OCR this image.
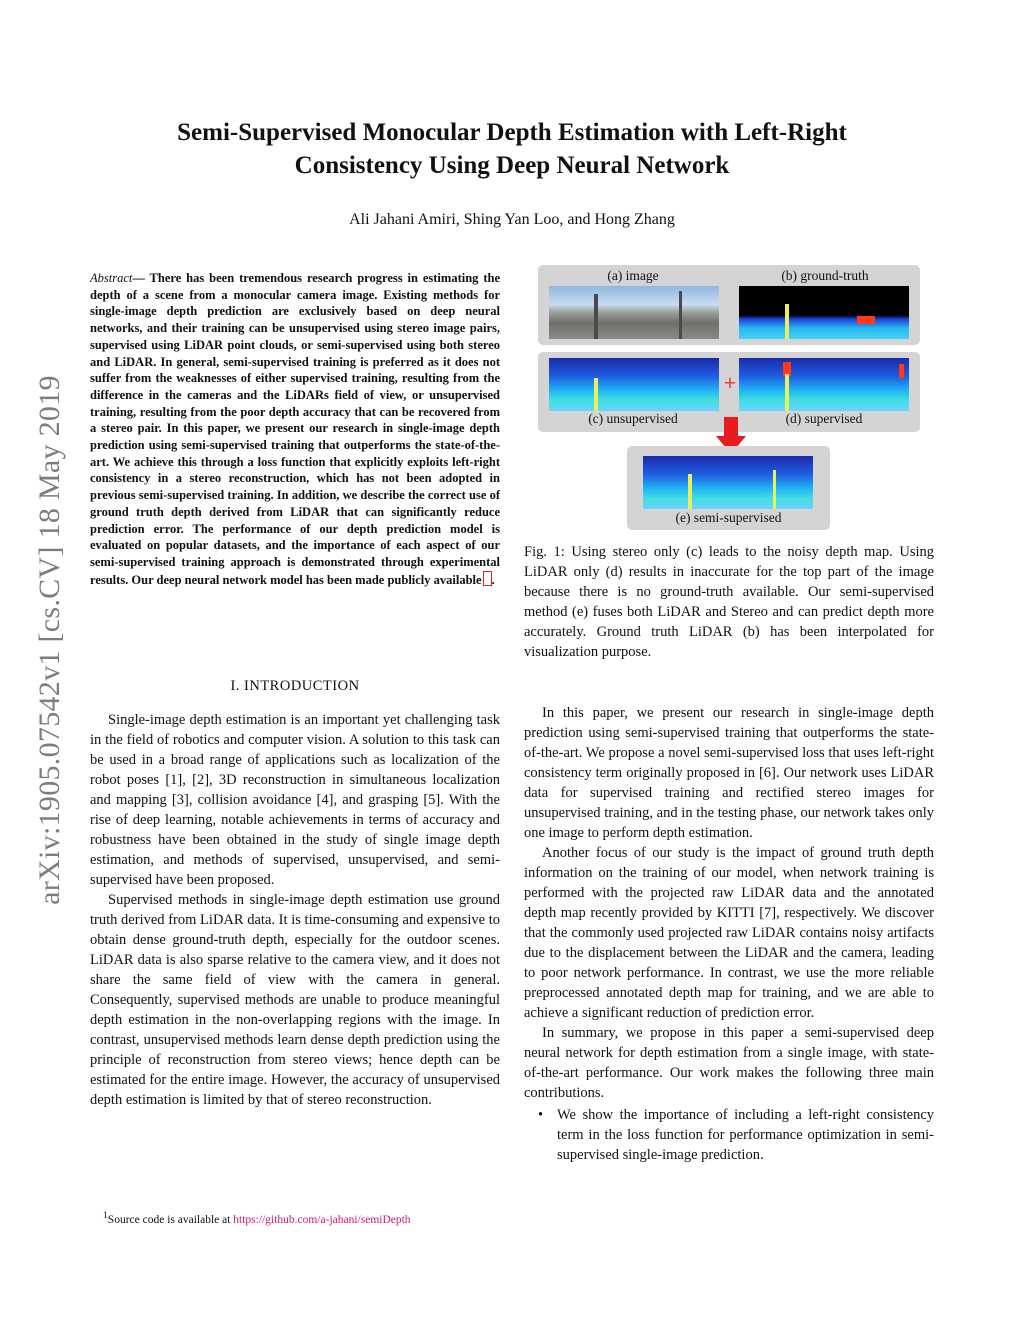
arXiv:1905.07542v1 [cs.CV] 18 May 2019
Semi-Supervised Monocular Depth Estimation with Left-Right
Consistency Using Deep Neural Network
Ali Jahani Amiri, Shing Yan Loo, and Hong Zhang
Abstract— There has been tremendous research progress in estimating the depth of a scene from a monocular camera image. Existing methods for single-image depth prediction are exclusively based on deep neural networks, and their training can be unsupervised using stereo image pairs, supervised using LiDAR point clouds, or semi-supervised using both stereo and LiDAR. In general, semi-supervised training is preferred as it does not suffer from the weaknesses of either supervised training, resulting from the difference in the cameras and the LiDARs field of view, or unsupervised training, resulting from the poor depth accuracy that can be recovered from a stereo pair. In this paper, we present our research in single-image depth prediction using semi-supervised training that outperforms the state-of-the-art. We achieve this through a loss function that explicitly exploits left-right consistency in a stereo reconstruction, which has not been adopted in previous semi-supervised training. In addition, we describe the correct use of ground truth depth derived from LiDAR that can significantly reduce prediction error. The performance of our depth prediction model is evaluated on popular datasets, and the importance of each aspect of our semi-supervised training approach is demonstrated through experimental results. Our deep neural network model has been made publicly available .
I. INTRODUCTION

Single-image depth estimation is an important yet challenging task in the field of robotics and computer vision. A solution to this task can be used in a broad range of applications such as localization of the robot poses [1], [2], 3D reconstruction in simultaneous localization and mapping [3], collision avoidance [4], and grasping [5]. With the rise of deep learning, notable achievements in terms of accuracy and robustness have been obtained in the study of single image depth estimation, and methods of supervised, unsupervised, and semi-supervised have been proposed.

Supervised methods in single-image depth estimation use ground truth derived from LiDAR data. It is time-consuming and expensive to obtain dense ground-truth depth, especially for the outdoor scenes. LiDAR data is also sparse relative to the camera view, and it does not share the same field of view with the camera in general. Consequently, supervised methods are unable to produce meaningful depth estimation in the non-overlapping regions with the image. In contrast, unsupervised methods learn dense depth prediction using the principle of reconstruction from stereo views; hence depth can be estimated for the entire image. However, the accuracy of unsupervised depth estimation is limited by that of stereo reconstruction.

$^1$Source code is available at https://github.com/a-jahani/semiDepth
(a) image	(b) ground-truth
+
(c) unsupervised	(d) supervised
(e) semi-supervised
Fig. 1: Using stereo only (c) leads to the noisy depth map. Using LiDAR only (d) results in inaccurate for the top part of the image because there is no ground-truth available. Our semi-supervised method (e) fuses both LiDAR and Stereo and can predict depth more accurately. Ground truth LiDAR (b) has been interpolated for visualization purpose.

In this paper, we present our research in single-image depth prediction using semi-supervised training that outperforms the state-of-the-art. We propose a novel semi-supervised loss that uses left-right consistency term originally proposed in [6]. Our network uses LiDAR data for supervised training and rectified stereo images for unsupervised training, and in the testing phase, our network takes only one image to perform depth estimation.

Another focus of our study is the impact of ground truth depth information on the training of our model, when network training is performed with the projected raw LiDAR data and the annotated depth map recently provided by KITTI [7], respectively. We discover that the commonly used projected raw LiDAR contains noisy artifacts due to the displacement between the LiDAR and the camera, leading to poor network performance. In contrast, we use the more reliable preprocessed annotated depth map for training, and we are able to achieve a significant reduction of prediction error.

In summary, we propose in this paper a semi-supervised deep neural network for depth estimation from a single image, with state-of-the-art performance. Our work makes the following three main contributions.

• We show the importance of including a left-right consistency term in the loss function for performance optimization in semi-supervised single-image prediction.
